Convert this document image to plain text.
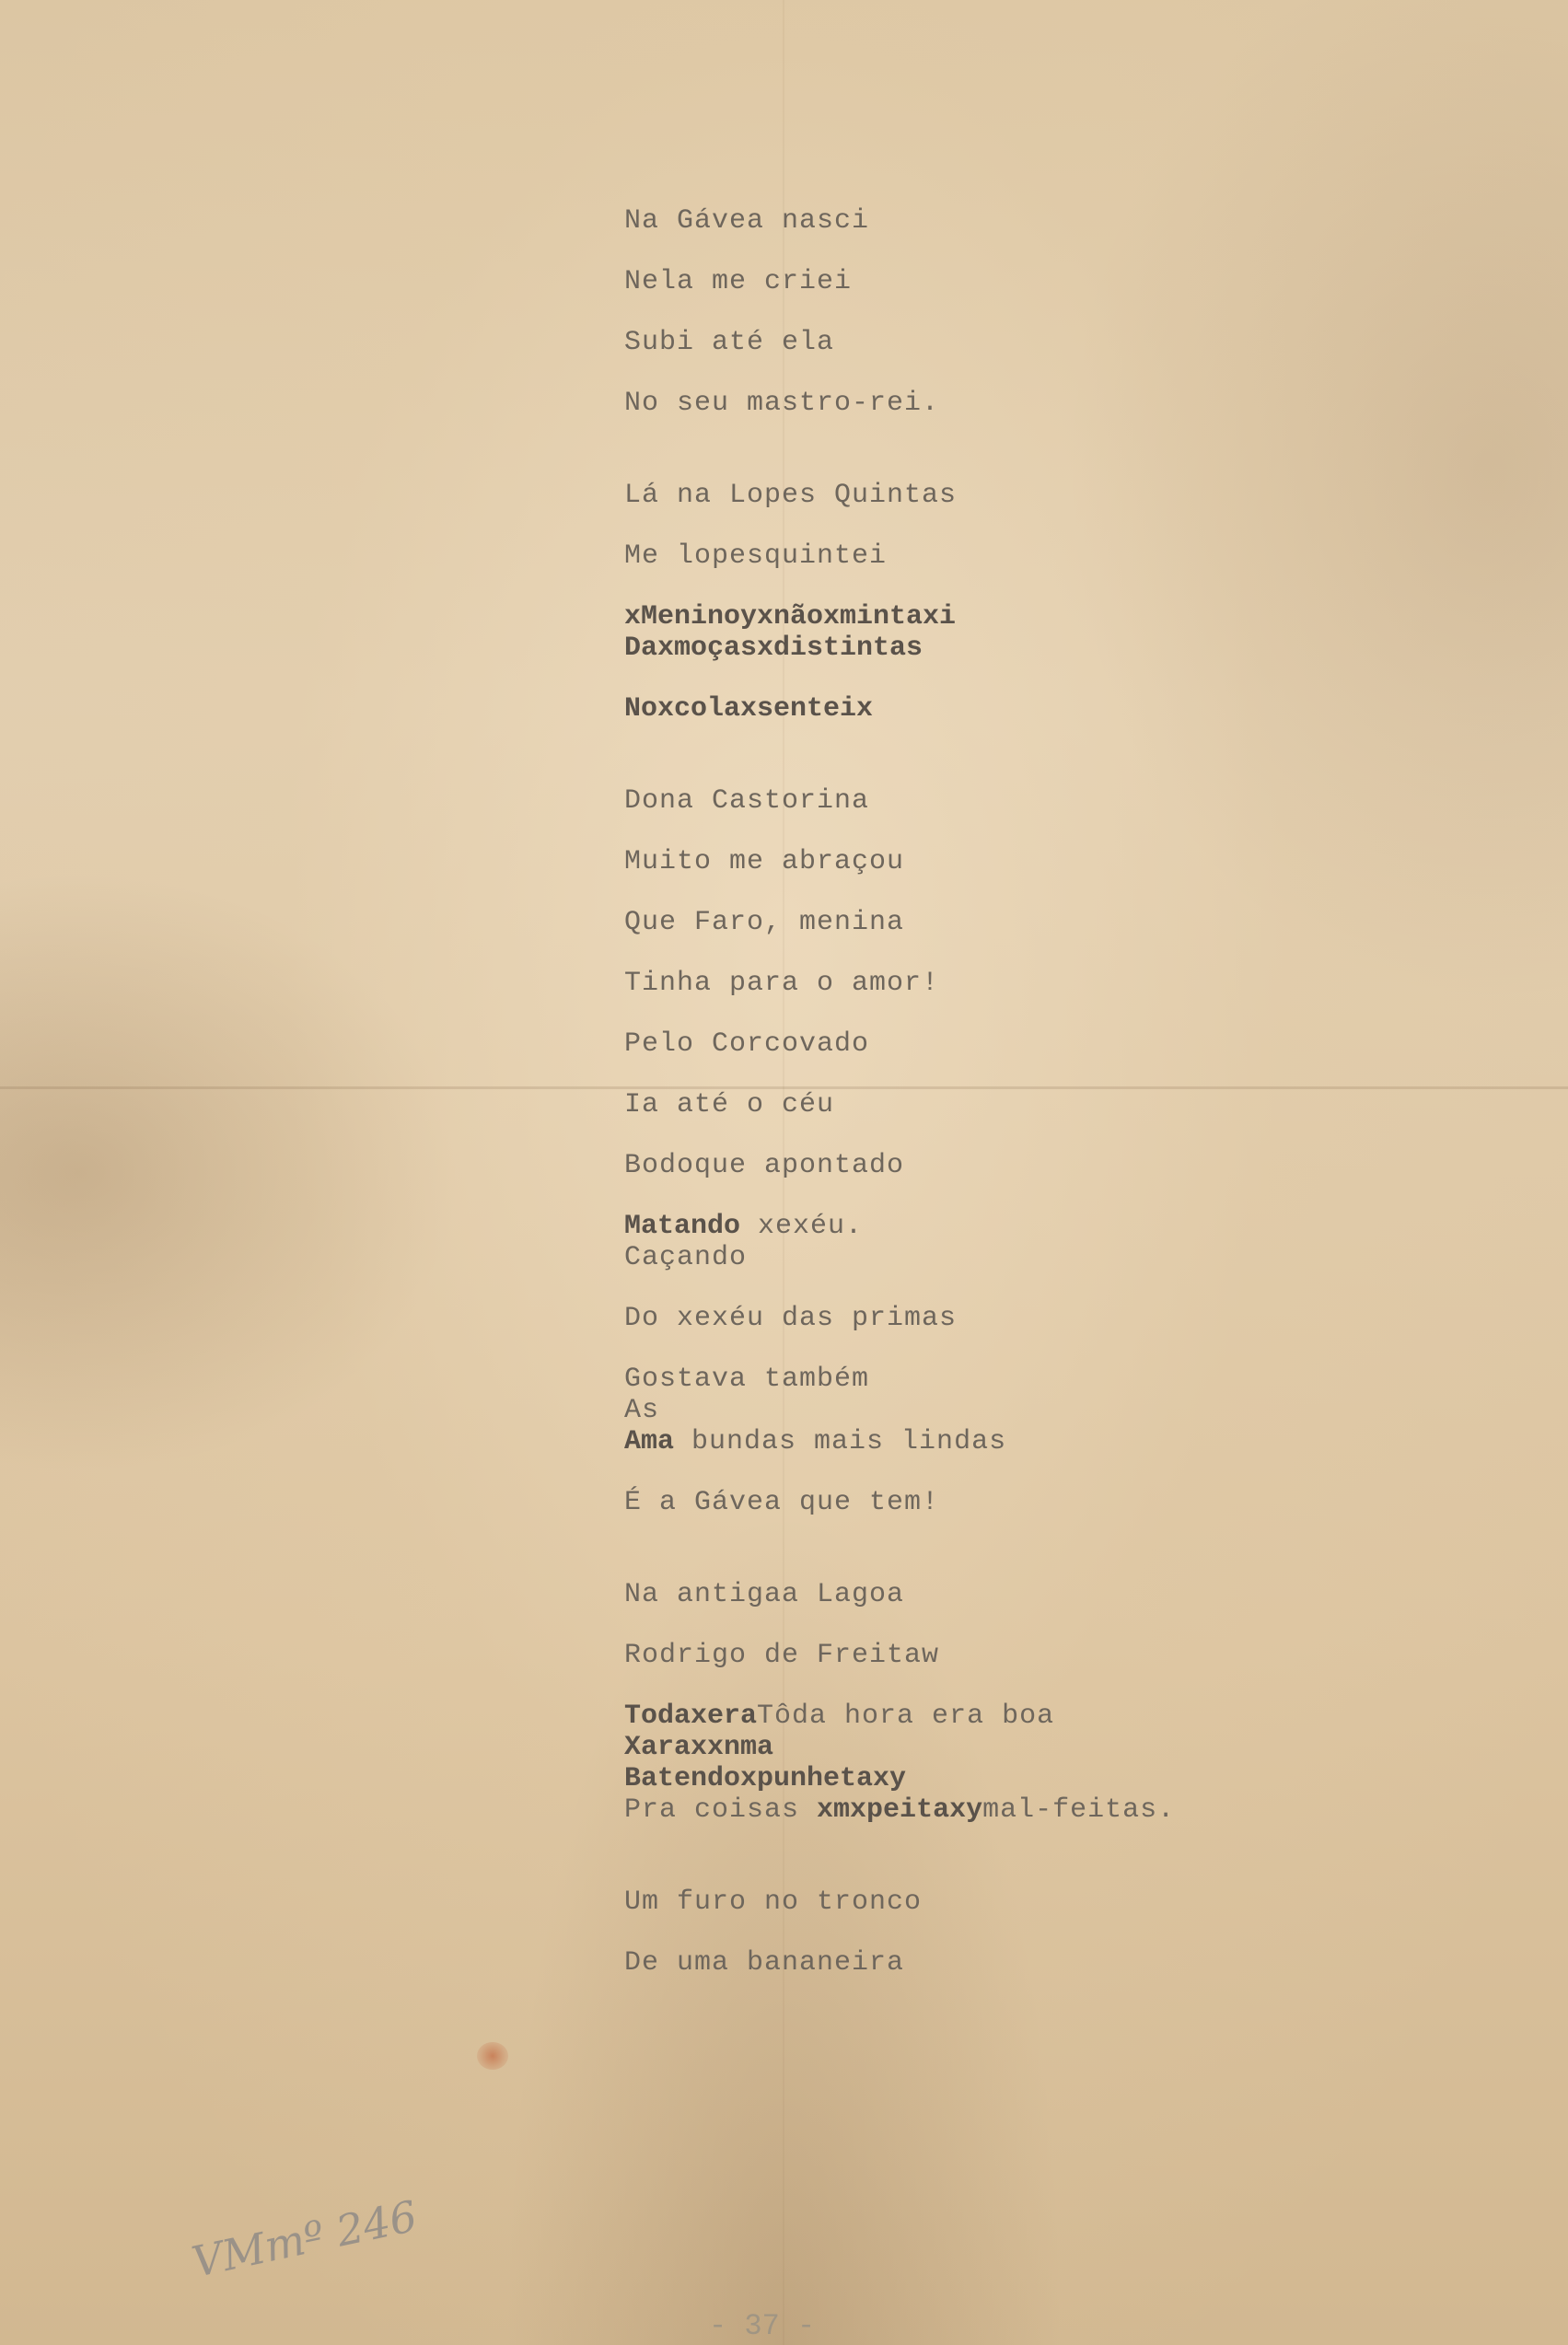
Na Gávea nasci
Nela me criei
Subi até ela
No seu mastro-rei.
Lá na Lopes Quintas
Me lopesquintei
xMeninoyxnãoxmintaxi
Daxmoçasxdistintas
Noxcolaxsenteix
Dona Castorina
Muito me abraçou
Que Faro, menina
Tinha para o amor!
Pelo Corcovado
Ia até o céu
Bodoque apontado
Matando xexéu.
Caçando
Do xexéu das primas
Gostava também
As
Ama bundas mais lindas
É a Gávea que tem!
Na antigaa Lagoa
Rodrigo de Freitaw
TodaxeraTôda hora era boa
Xaraxxnma
Batendoxpunhetaxy
Pra coisas xmxpeitaxymal-feitas.
Um furo no tronco
De uma bananeira
VMmº 246
- 37 -
